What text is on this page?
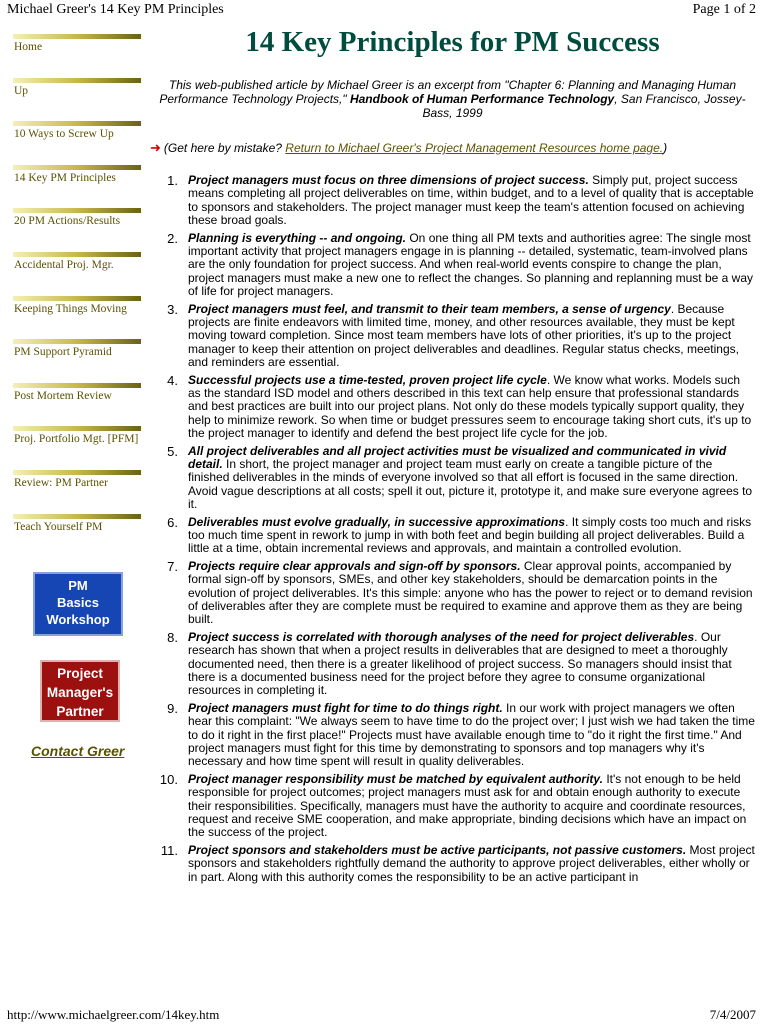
Michael Greer's 14 Key PM Principles	Page 1 of 2
Home
Up
10 Ways to Screw Up
14 Key PM Principles
20 PM Actions/Results
Accidental Proj. Mgr.
Keeping Things Moving
PM Support Pyramid
Post Mortem Review
Proj. Portfolio Mgt. [PFM]
Review: PM Partner
Teach Yourself PM
PM
Basics
Workshop
Project
Manager's
Partner
Contact Greer
14 Key Principles for PM Success
This web-published article by Michael Greer is an excerpt from "Chapter 6: Planning and Managing Human Performance Technology Projects," Handbook of Human Performance Technology, San Francisco, Jossey-Bass, 1999
➜ (Get here by mistake? Return to Michael Greer's Project Management Resources home page.)
1. Project managers must focus on three dimensions of project success. Simply put, project success means completing all project deliverables on time, within budget, and to a level of quality that is acceptable to sponsors and stakeholders. The project manager must keep the team's attention focused on achieving these broad goals.
2. Planning is everything -- and ongoing. On one thing all PM texts and authorities agree: The single most important activity that project managers engage in is planning -- detailed, systematic, team-involved plans are the only foundation for project success. And when real-world events conspire to change the plan, project managers must make a new one to reflect the changes. So planning and replanning must be a way of life for project managers.
3. Project managers must feel, and transmit to their team members, a sense of urgency. Because projects are finite endeavors with limited time, money, and other resources available, they must be kept moving toward completion. Since most team members have lots of other priorities, it's up to the project manager to keep their attention on project deliverables and deadlines. Regular status checks, meetings, and reminders are essential.
4. Successful projects use a time-tested, proven project life cycle. We know what works. Models such as the standard ISD model and others described in this text can help ensure that professional standards and best practices are built into our project plans. Not only do these models typically support quality, they help to minimize rework. So when time or budget pressures seem to encourage taking short cuts, it's up to the project manager to identify and defend the best project life cycle for the job.
5. All project deliverables and all project activities must be visualized and communicated in vivid detail. In short, the project manager and project team must early on create a tangible picture of the finished deliverables in the minds of everyone involved so that all effort is focused in the same direction. Avoid vague descriptions at all costs; spell it out, picture it, prototype it, and make sure everyone agrees to it.
6. Deliverables must evolve gradually, in successive approximations. It simply costs too much and risks too much time spent in rework to jump in with both feet and begin building all project deliverables. Build a little at a time, obtain incremental reviews and approvals, and maintain a controlled evolution.
7. Projects require clear approvals and sign-off by sponsors. Clear approval points, accompanied by formal sign-off by sponsors, SMEs, and other key stakeholders, should be demarcation points in the evolution of project deliverables. It's this simple: anyone who has the power to reject or to demand revision of deliverables after they are complete must be required to examine and approve them as they are being built.
8. Project success is correlated with thorough analyses of the need for project deliverables. Our research has shown that when a project results in deliverables that are designed to meet a thoroughly documented need, then there is a greater likelihood of project success. So managers should insist that there is a documented business need for the project before they agree to consume organizational resources in completing it.
9. Project managers must fight for time to do things right. In our work with project managers we often hear this complaint: "We always seem to have time to do the project over; I just wish we had taken the time to do it right in the first place!" Projects must have available enough time to "do it right the first time." And project managers must fight for this time by demonstrating to sponsors and top managers why it's necessary and how time spent will result in quality deliverables.
10. Project manager responsibility must be matched by equivalent authority. It's not enough to be held responsible for project outcomes; project managers must ask for and obtain enough authority to execute their responsibilities. Specifically, managers must have the authority to acquire and coordinate resources, request and receive SME cooperation, and make appropriate, binding decisions which have an impact on the success of the project.
11. Project sponsors and stakeholders must be active participants, not passive customers. Most project sponsors and stakeholders rightfully demand the authority to approve project deliverables, either wholly or in part. Along with this authority comes the responsibility to be an active participant in
http://www.michaelgreer.com/14key.htm	7/4/2007
